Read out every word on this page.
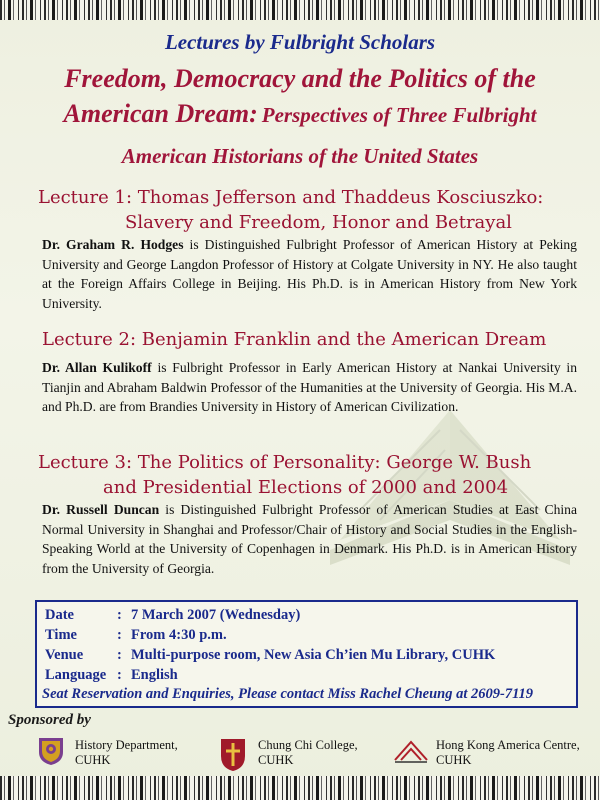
Lectures by Fulbright Scholars
Freedom, Democracy and the Politics of the
American Dream: Perspectives of Three Fulbright
American Historians of the United States
Lecture 1: Thomas Jefferson and Thaddeus Kosciuszko:
Slavery and Freedom, Honor and Betrayal
Dr. Graham R. Hodges is Distinguished Fulbright Professor of American History at Peking University and George Langdon Professor of History at Colgate University in NY. He also taught at the Foreign Affairs College in Beijing. His Ph.D. is in American History from New York University.
Lecture 2: Benjamin Franklin and the American Dream
Dr. Allan Kulikoff is Fulbright Professor in Early American History at Nankai University in Tianjin and Abraham Baldwin Professor of the Humanities at the University of Georgia. His M.A. and Ph.D. are from Brandies University in History of American Civilization.
Lecture 3: The Politics of Personality: George W. Bush
and Presidential Elections of 2000 and 2004
Dr. Russell Duncan is Distinguished Fulbright Professor of American Studies at East China Normal University in Shanghai and Professor/Chair of History and Social Studies in the English-Speaking World at the University of Copenhagen in Denmark. His Ph.D. is in American History from the University of Georgia.
Date	: 7 March 2007 (Wednesday)
Time	: From 4:30 p.m.
Venue : Multi-purpose room, New Asia Ch’ien Mu Library, CUHK
Language : English
Seat Reservation and Enquiries, Please contact Miss Rachel Cheung at 2609-7119
Sponsored by
History Department,
CUHK
Chung Chi College,
CUHK
Hong Kong America Centre,
CUHK
